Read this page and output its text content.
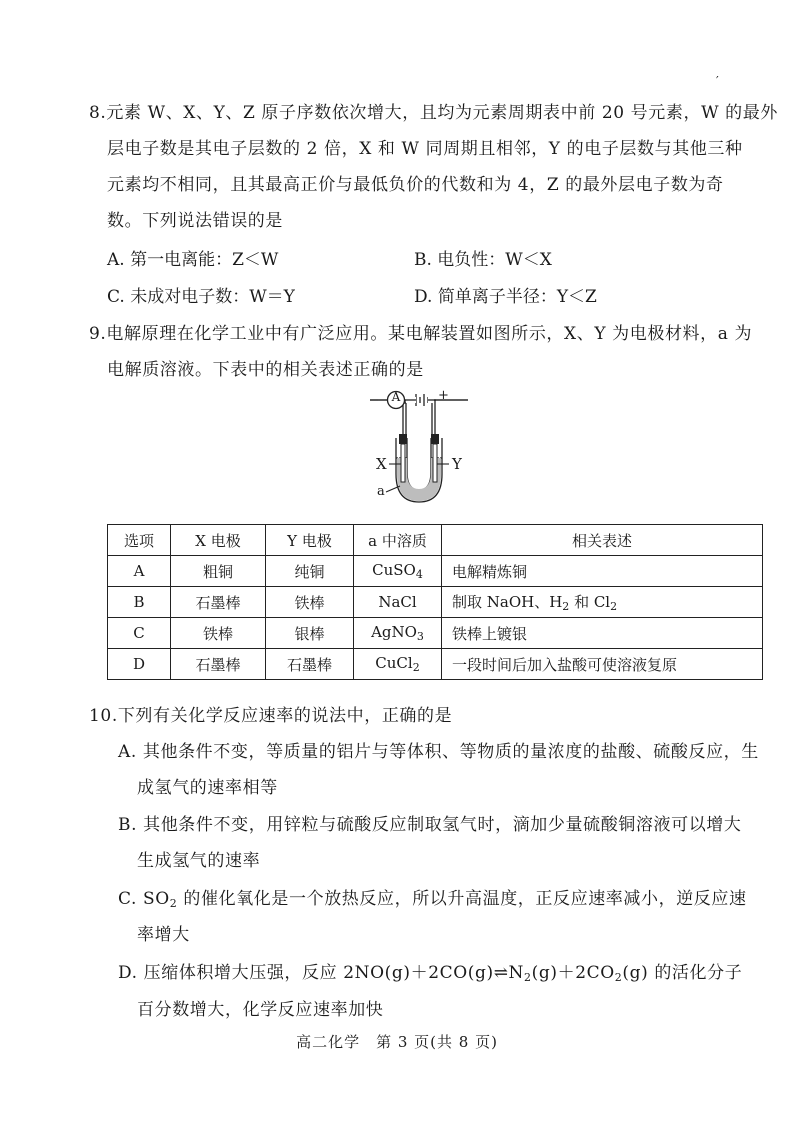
′
8.元素 W、X、Y、Z 原子序数依次增大，且均为元素周期表中前 20 号元素，W 的最外
层电子数是其电子层数的 2 倍，X 和 W 同周期且相邻，Y 的电子层数与其他三种
元素均不相同，且其最高正价与最低负价的代数和为 4，Z 的最外层电子数为奇
数。下列说法错误的是
A. 第一电离能：Z＜W	B. 电负性：W＜X
C. 未成对电子数：W＝Y	D. 简单离子半径：Y＜Z
9.电解原理在化学工业中有广泛应用。某电解装置如图所示，X、Y 为电极材料，a 为
电解质溶液。下表中的相关表述正确的是
A	+
X	Y
a
选项	X 电极	Y 电极	a 中溶质	相关表述
A	粗铜	纯铜	CuSO$_4$	电解精炼铜
B	石墨棒	铁棒	NaCl	制取 NaOH、$H_2$ 和 $Cl_2$
C	铁棒	银棒	AgNO$_3$	铁棒上镀银
D	石墨棒	石墨棒	CuCl$_2$	一段时间后加入盐酸可使溶液复原
10.下列有关化学反应速率的说法中，正确的是
A. 其他条件不变，等质量的铝片与等体积、等物质的量浓度的盐酸、硫酸反应，生
成氢气的速率相等
B. 其他条件不变，用锌粒与硫酸反应制取氢气时，滴加少量硫酸铜溶液可以增大
生成氢气的速率
C. $SO_2$ 的催化氧化是一个放热反应，所以升高温度，正反应速率减小，逆反应速
率增大
D. 压缩体积增大压强，反应 $2NO(g)+2CO(g)\rightleftharpoons N_2(g)+2CO_2(g)$ 的活化分子
百分数增大，化学反应速率加快
高二化学　第 3 页(共 8 页)
